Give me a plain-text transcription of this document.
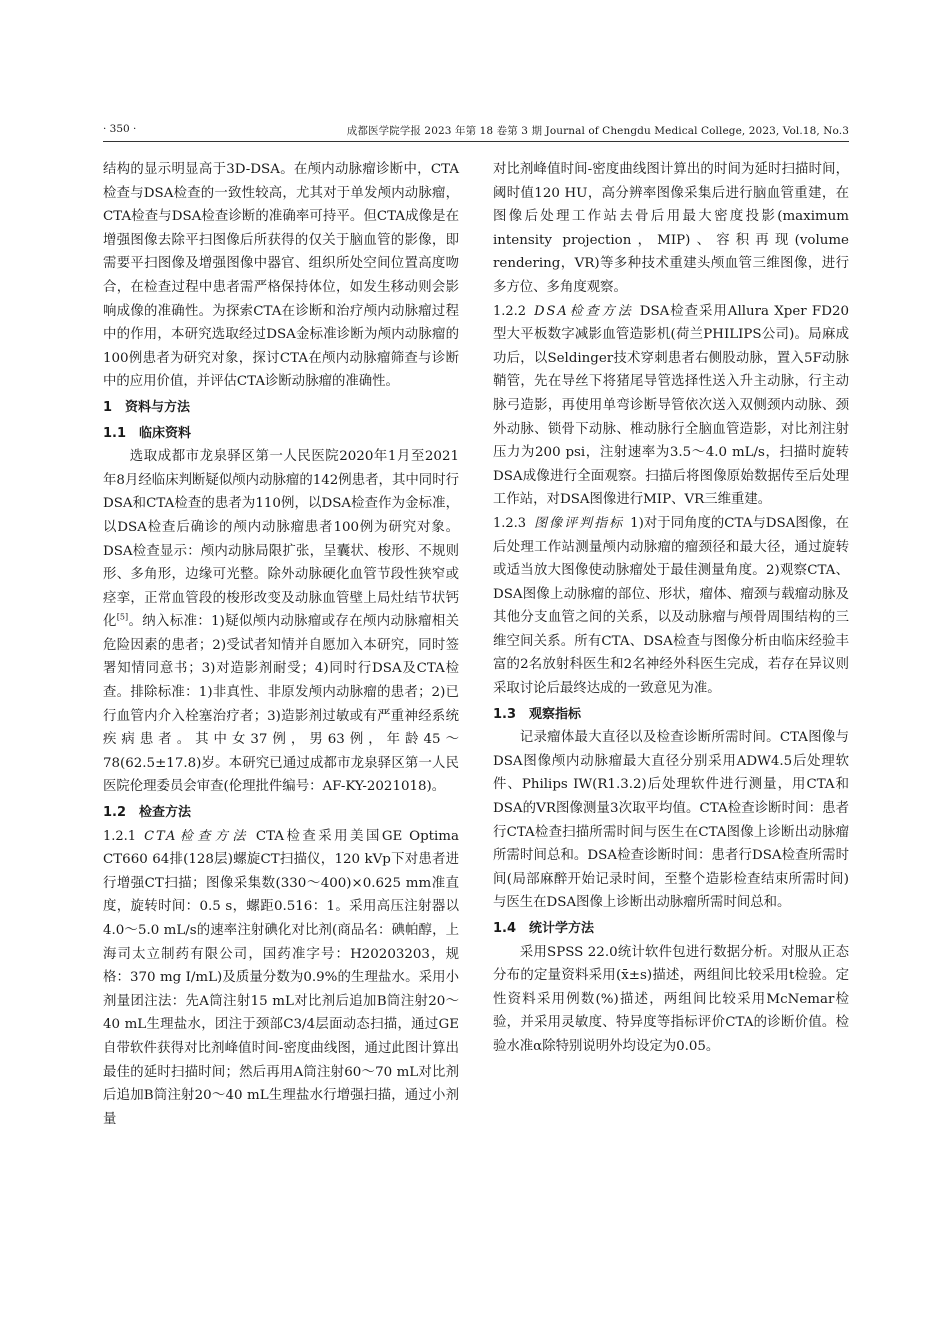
· 350 ·	成都医学院学报 2023 年第 18 卷第 3 期 Journal of Chengdu Medical College, 2023, Vol.18, No.3

结构的显示明显高于3D-DSA。在颅内动脉瘤诊断中，CTA检查与DSA检查的一致性较高，尤其对于单发颅内动脉瘤，CTA检查与DSA检查诊断的准确率可持平。但CTA成像是在增强图像去除平扫图像后所获得的仅关于脑血管的影像，即需要平扫图像及增强图像中器官、组织所处空间位置高度吻合，在检查过程中患者需严格保持体位，如发生移动则会影响成像的准确性。为探索CTA在诊断和治疗颅内动脉瘤过程中的作用，本研究选取经过DSA金标准诊断为颅内动脉瘤的100例患者为研究对象，探讨CTA在颅内动脉瘤筛查与诊断中的应用价值，并评估CTA诊断动脉瘤的准确性。

1　资料与方法

1.1　临床资料

选取成都市龙泉驿区第一人民医院2020年1月至2021年8月经临床判断疑似颅内动脉瘤的142例患者，其中同时行DSA和CTA检查的患者为110例，以DSA检查作为金标准，以DSA检查后确诊的颅内动脉瘤患者100例为研究对象。DSA检查显示：颅内动脉局限扩张，呈囊状、梭形、不规则形、多角形，边缘可光整。除外动脉硬化血管节段性狭窄或痉挛，正常血管段的梭形改变及动脉血管壁上局灶结节状钙化[5]。纳入标准：1)疑似颅内动脉瘤或存在颅内动脉瘤相关危险因素的患者；2)受试者知情并自愿加入本研究，同时签署知情同意书；3)对造影剂耐受；4)同时行DSA及CTA检查。排除标准：1)非真性、非原发颅内动脉瘤的患者；2)已行血管内介入栓塞治疗者；3)造影剂过敏或有严重神经系统疾病患者。其中女37例，男63例，年龄45～78(62.5±17.8)岁。本研究已通过成都市龙泉驿区第一人民医院伦理委员会审查(伦理批件编号：AF-KY-2021018)。

1.2　检查方法

1.2.1 CTA检查方法 CTA检查采用美国GE Optima CT660 64排(128层)螺旋CT扫描仪，120 kVp下对患者进行增强CT扫描；图像采集数(330～400)×0.625 mm准直度，旋转时间：0.5 s，螺距0.516：1。采用高压注射器以4.0～5.0 mL/s的速率注射碘化对比剂(商品名：碘帕醇，上海司太立制药有限公司，国药准字号：H20203203，规格：370 mg I/mL)及质量分数为0.9%的生理盐水。采用小剂量团注法：先A筒注射15 mL对比剂后追加B筒注射20～40 mL生理盐水，团注于颈部C3/4层面动态扫描，通过GE自带软件获得对比剂峰值时间-密度曲线图，通过此图计算出最佳的延时扫描时间；然后再用A筒注射60～70 mL对比剂后追加B筒注射20～40 mL生理盐水行增强扫描，通过小剂量

对比剂峰值时间-密度曲线图计算出的时间为延时扫描时间，阈时值120 HU，高分辨率图像采集后进行脑血管重建，在图像后处理工作站去骨后用最大密度投影(maximum intensity projection，MIP)、容积再现(volume rendering，VR)等多种技术重建头颅血管三维图像，进行多方位、多角度观察。

1.2.2 DSA检查方法 DSA检查采用Allura Xper FD20型大平板数字减影血管造影机(荷兰PHILIPS公司)。局麻成功后，以Seldinger技术穿刺患者右侧股动脉，置入5F动脉鞘管，先在导丝下将猪尾导管选择性送入升主动脉，行主动脉弓造影，再使用单弯诊断导管依次送入双侧颈内动脉、颈外动脉、锁骨下动脉、椎动脉行全脑血管造影，对比剂注射压力为200 psi，注射速率为3.5～4.0 mL/s，扫描时旋转DSA成像进行全面观察。扫描后将图像原始数据传至后处理工作站，对DSA图像进行MIP、VR三维重建。

1.2.3 图像评判指标 1)对于同角度的CTA与DSA图像，在后处理工作站测量颅内动脉瘤的瘤颈径和最大径，通过旋转或适当放大图像使动脉瘤处于最佳测量角度。2)观察CTA、DSA图像上动脉瘤的部位、形状，瘤体、瘤颈与载瘤动脉及其他分支血管之间的关系，以及动脉瘤与颅骨周围结构的三维空间关系。所有CTA、DSA检查与图像分析由临床经验丰富的2名放射科医生和2名神经外科医生完成，若存在异议则采取讨论后最终达成的一致意见为准。

1.3　观察指标

记录瘤体最大直径以及检查诊断所需时间。CTA图像与DSA图像颅内动脉瘤最大直径分别采用ADW4.5后处理软件、Philips IW(R1.3.2)后处理软件进行测量，用CTA和DSA的VR图像测量3次取平均值。CTA检查诊断时间：患者行CTA检查扫描所需时间与医生在CTA图像上诊断出动脉瘤所需时间总和。DSA检查诊断时间：患者行DSA检查所需时间(局部麻醉开始记录时间，至整个造影检查结束所需时间)与医生在DSA图像上诊断出动脉瘤所需时间总和。

1.4　统计学方法

采用SPSS 22.0统计软件包进行数据分析。对服从正态分布的定量资料采用(x̄±s)描述，两组间比较采用t检验。定性资料采用例数(%)描述，两组间比较采用McNemar检验，并采用灵敏度、特异度等指标评价CTA的诊断价值。检验水准α除特别说明外均设定为0.05。
